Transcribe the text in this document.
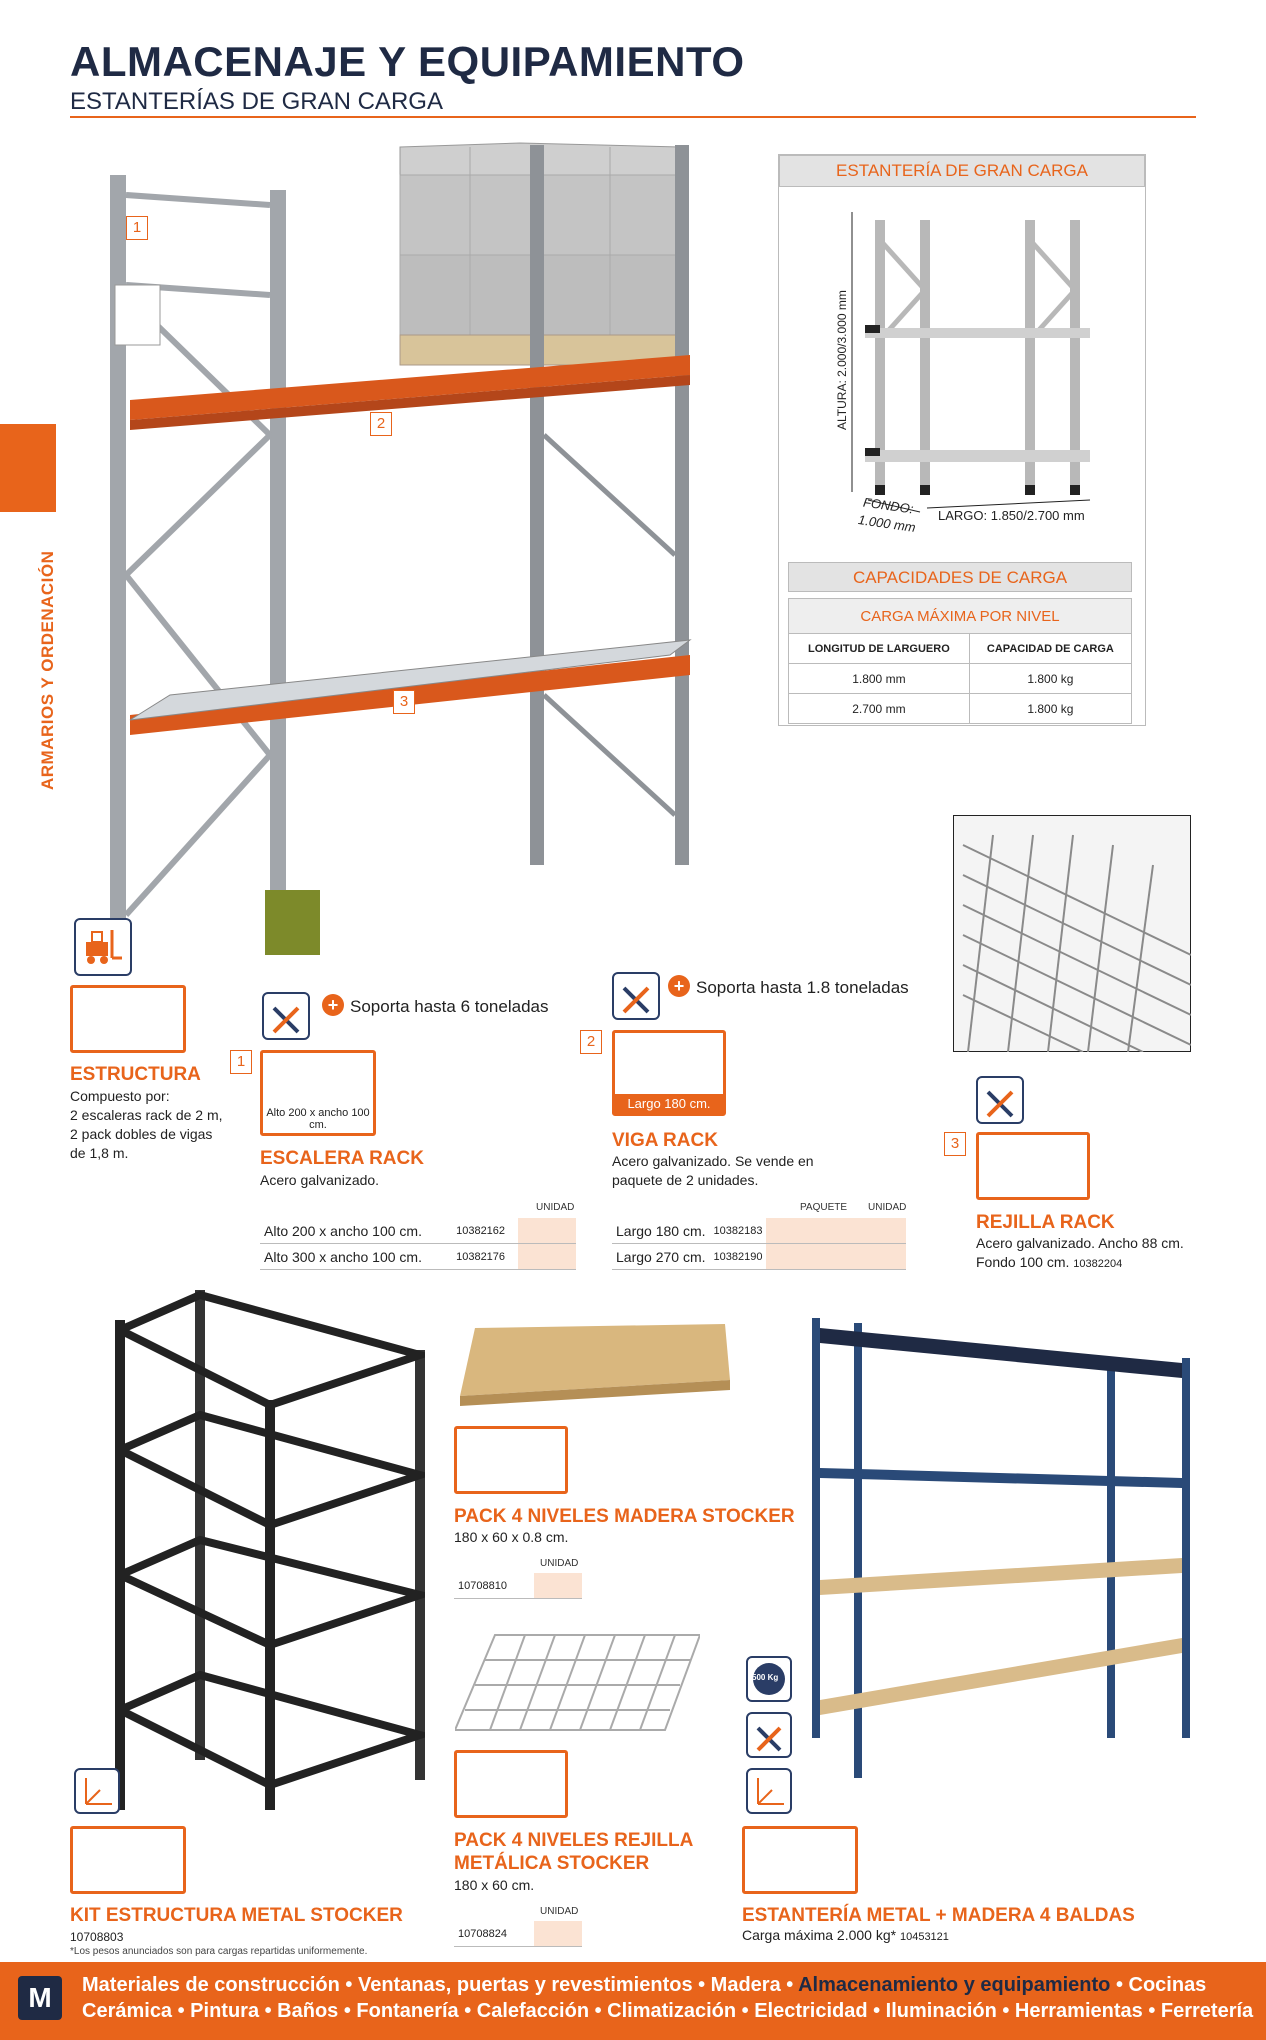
ALMACENAJE Y EQUIPAMIENTO
ESTANTERÍAS DE GRAN CARGA
ARMARIOS Y ORDENACIÓN
1
2
3
ESTANTERÍA DE GRAN CARGA
ALTURA: 2.000/3.000 mm
FONDO:
1.000 mm LARGO: 1.850/2.700 mm
CAPACIDADES DE CARGA
CARGA MÁXIMA POR NIVEL	
LONGITUD DE LARGUERO	CAPACIDAD DE CARGA
1.800 mm	1.800 kg
2.700 mm	1.800 kg
ESTRUCTURA
Compuesto por:
2 escaleras rack de 2 m,
2 pack dobles de vigas
de 1,8 m.
+ Soporta hasta 6 toneladas
1
Alto 200 x ancho 100 cm.
ESCALERA RACK
Acero galvanizado.
UNIDAD
Alto 200 x ancho 100 cm.	10382162	
Alto 300 x ancho 100 cm.	10382176	
+ Soporta hasta 1.8 toneladas
2
Largo 180 cm.
VIGA RACK
Acero galvanizado. Se vende en
paquete de 2 unidades.
PAQUETE UNIDAD
Largo 180 cm.	10382183		
Largo 270 cm.	10382190		
3
REJILLA RACK
Acero galvanizado. Ancho 88 cm.
Fondo 100 cm. 10382204
KIT ESTRUCTURA METAL STOCKER
10708803
*Los pesos anunciados son para cargas repartidas uniformemente.
PACK 4 NIVELES MADERA STOCKER
180 x 60 x 0.8 cm.
UNIDAD
10708810	
PACK 4 NIVELES REJILLA
METÁLICA STOCKER
180 x 60 cm.
UNIDAD
10708824	
500 Kg
ESTANTERÍA METAL + MADERA 4 BALDAS
Carga máxima 2.000 kg* 10453121
M	Materiales de construcción • Ventanas, puertas y revestimientos • Madera • Almacenamiento y equipamiento • Cocinas
Cerámica • Pintura • Baños • Fontanería • Calefacción • Climatización • Electricidad • Iluminación • Herramientas • Ferretería
